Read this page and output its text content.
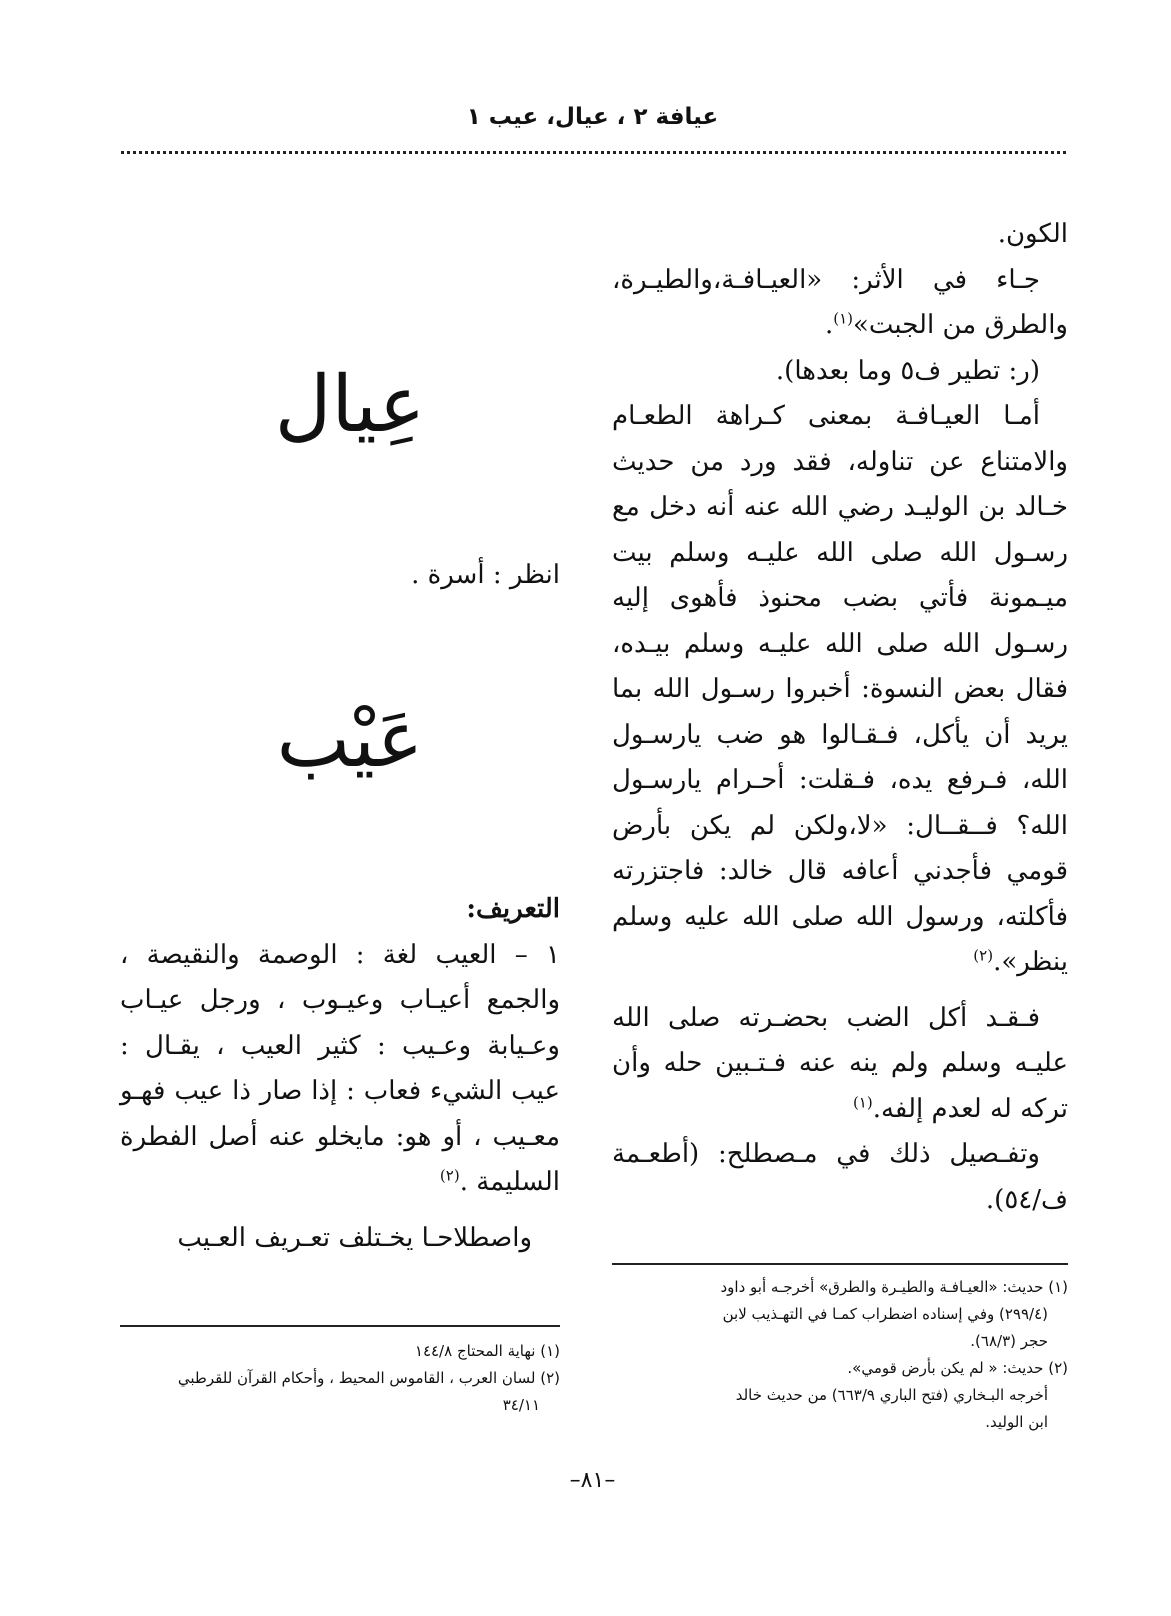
عيافة ٢ ، عيال، عيب ١

الكون.

جـاء في الأثر: «العيـافـة،والطيـرة، والطرق من الجبت»$^{(١)}$.

(ر: تطير ف٥ وما بعدها).

أمـا العيـافـة بمعنى كـراهة الطعـام والامتناع عن تناوله، فقد ورد من حديث خـالد بن الوليـد رضي الله عنه أنه دخل مع رسـول الله صلى الله عليـه وسلم بيت ميـمونة فأتي بضب محنوذ فأهوى إليه رسـول الله صلى الله عليـه وسلم بيـده، فقال بعض النسوة: أخبروا رسـول الله بما يريد أن يأكل، فـقـالوا هو ضب يارسـول الله، فـرفع يده، فـقلت: أحـرام يارسـول الله؟ فــقــال: «لا،ولكن لم يكن بأرض قومي فأجدني أعافه قال خالد: فاجتزرته فأكلته، ورسول الله صلى الله عليه وسلم ينظر».$^{(٢)}$

فـقـد أكل الضب بحضـرته صلى الله عليـه وسلم ولم ينه عنه فـتـبين حله وأن تركه له لعدم إلفه.$^{(١)}$

وتفـصيل ذلك في مـصطلح: (أطعـمة ف/٥٤).

(١) حديث: «العيـافـة والطيـرة والطرق» أخرجـه أبو داود

(٢٩٩/٤) وفي إسناده اضطراب كمـا في التهـذيب لابن

حجر (٦٨/٣).

(٢) حديث: « لم يكن بأرض قومي».

أخرجه البـخاري (فتح الباري ٦٦٣/٩) من حديث خالد

ابن الوليد.

عِيال
انظر : أسرة .
عَيْب

التعريف:

١ – العيب لغة : الوصمة والنقيصة ، والجمع أعيـاب وعيـوب ، ورجل عيـاب وعـيابة وعـيب : كثير العيب ، يقـال : عيب الشيء فعاب : إذا صار ذا عيب فهـو معـيب ، أو هو: مايخلو عنه أصل الفطرة السليمة .$^{(٢)}$

واصطلاحـا يخـتلف تعـريف العـيب

(١) نهاية المحتاج ١٤٤/٨

(٢) لسان العرب ، القاموس المحيط ، وأحكام القرآن للقرطبي

٣٤/١١

–٨١–
